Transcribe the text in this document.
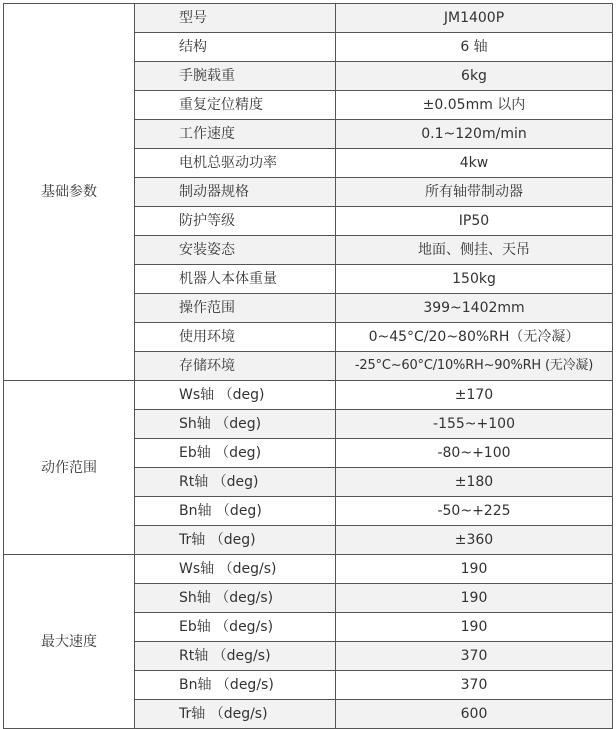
基础参数	型号	JM1400P
	结构	6 轴
	手腕载重	6kg
	重复定位精度	±0.05mm 以内
	工作速度	0.1~120m/min
	电机总驱动功率	4kw
	制动器规格	所有轴带制动器
	防护等级	IP50
	安装姿态	地面、侧挂、天吊
	机器人本体重量	150kg
	操作范围	399~1402mm
	使用环境	0~45°C/20~80%RH（无冷凝）
	存储环境	-25°C~60°C/10%RH~90%RH (无冷凝)
动作范围	Ws轴 （deg)	±170
	Sh轴 （deg)	-155~+100
	Eb轴 （deg)	-80~+100
	Rt轴 （deg)	±180
	Bn轴 （deg)	-50~+225
	Tr轴 （deg)	±360
最大速度	Ws轴 （deg/s)	190
	Sh轴 （deg/s)	190
	Eb轴 （deg/s)	190
	Rt轴 （deg/s)	370
	Bn轴 （deg/s)	370
	Tr轴 （deg/s)	600
